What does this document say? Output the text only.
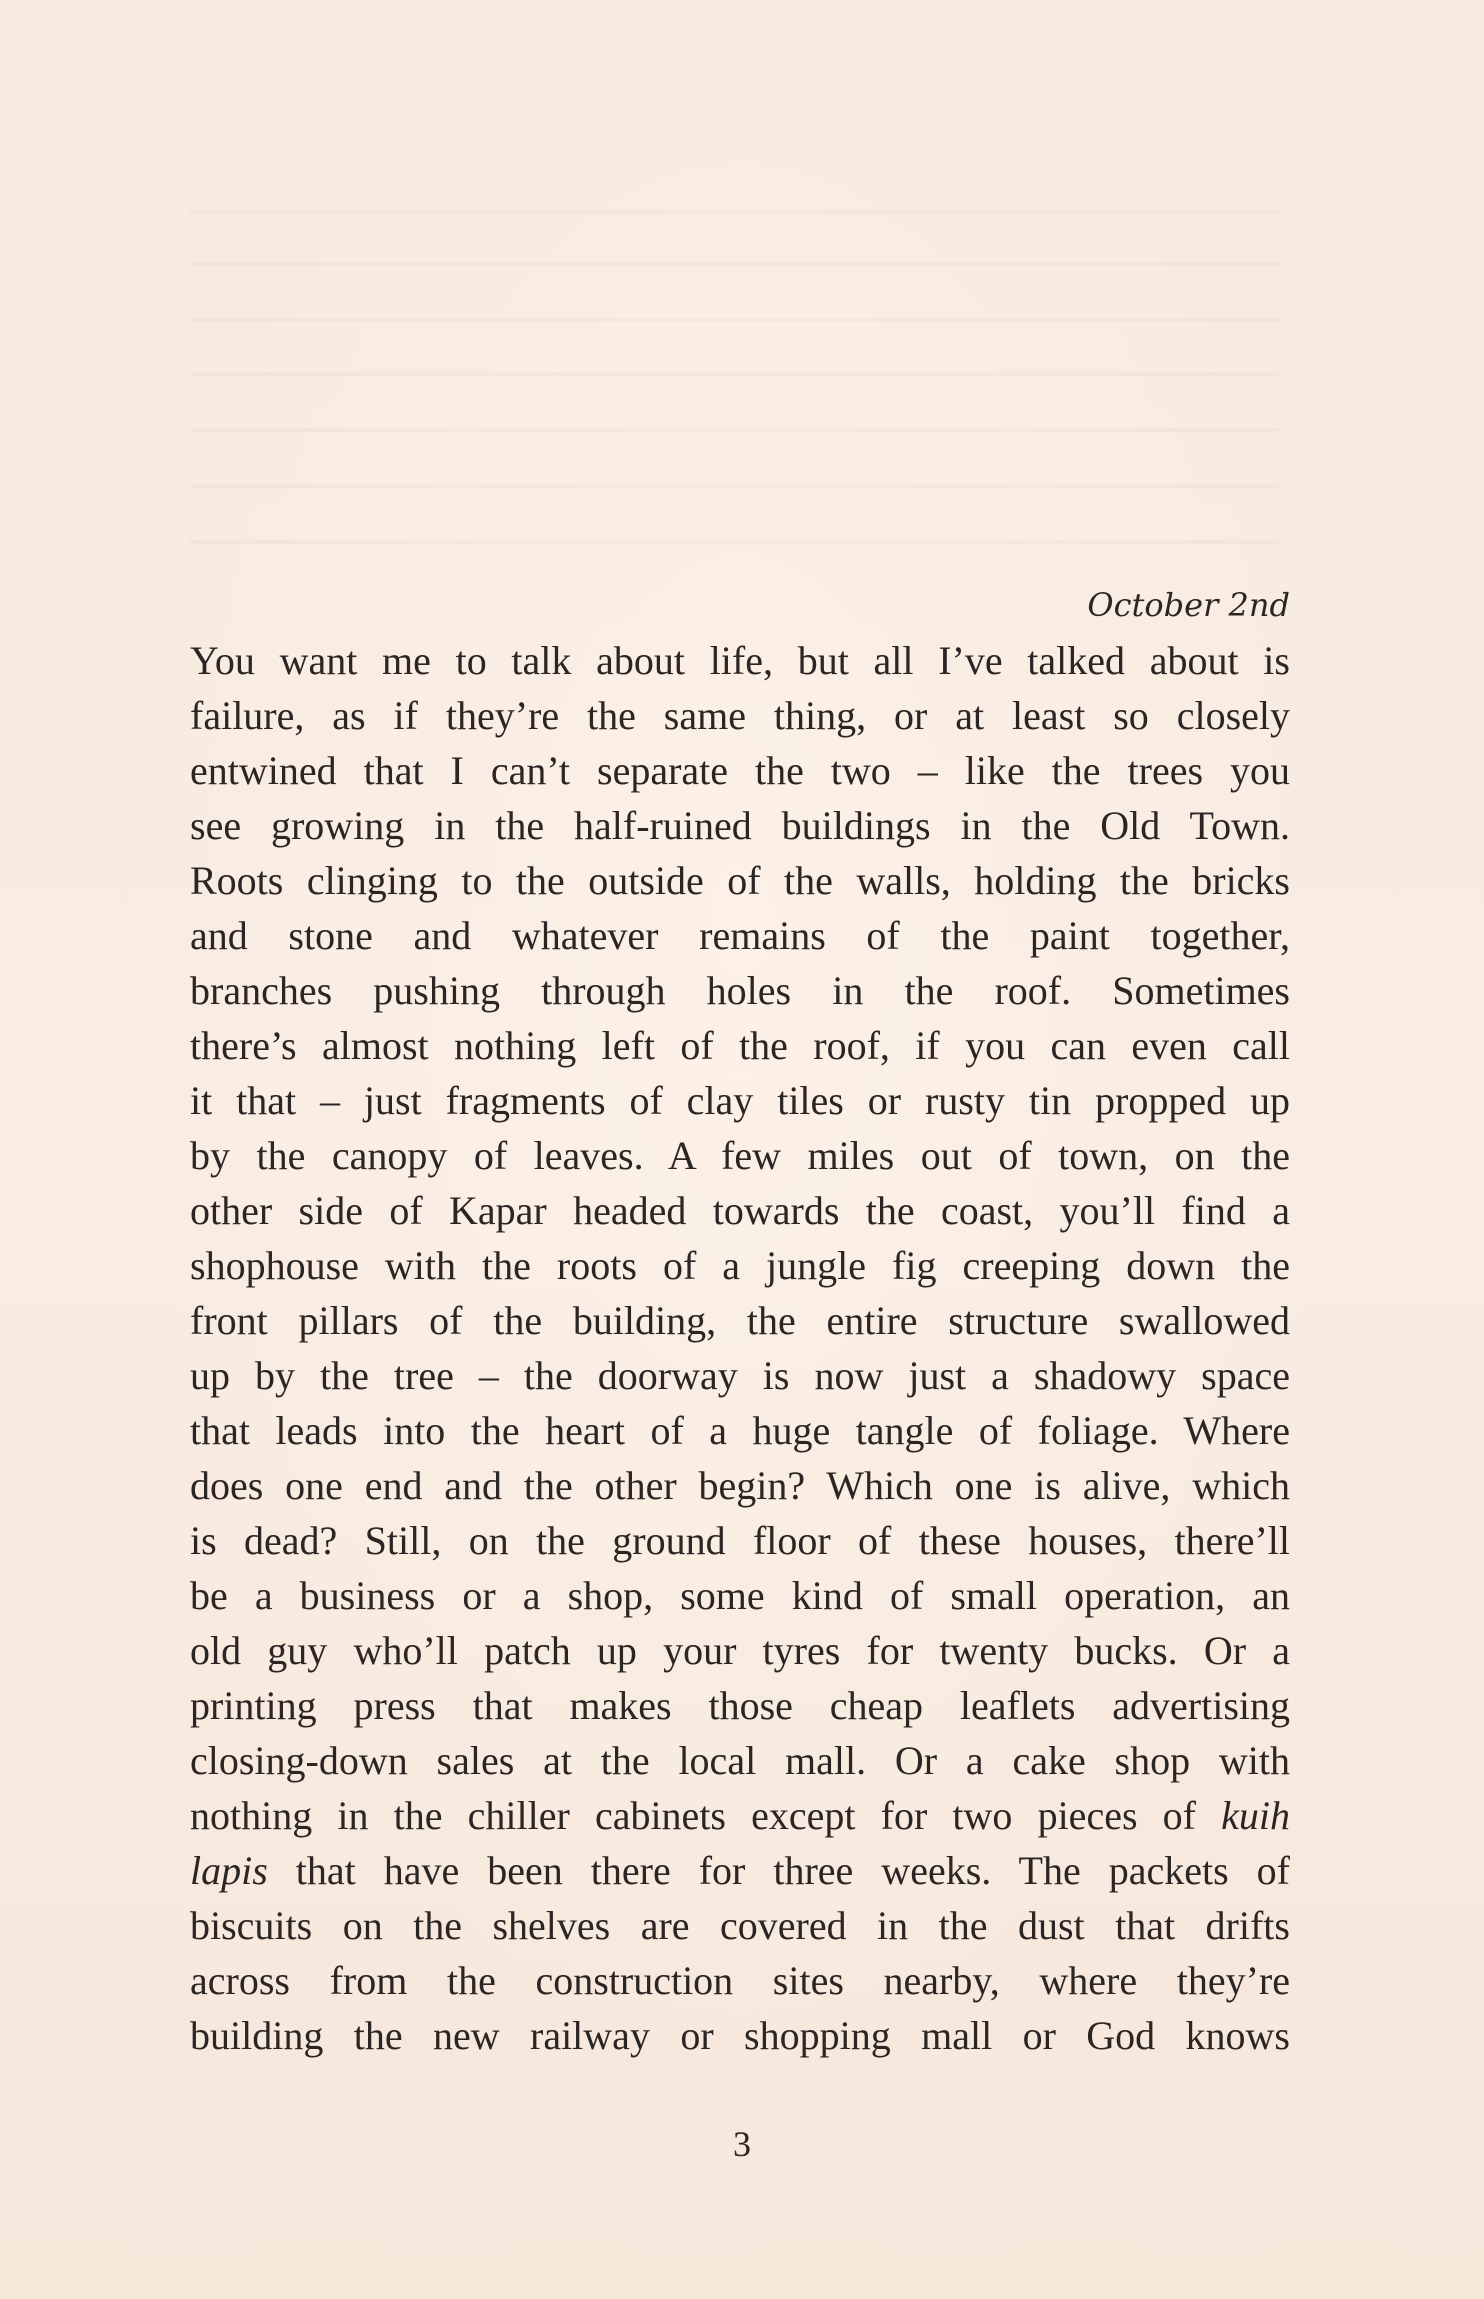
October 2nd
You want me to talk about life, but all I’ve talked about is
failure, as if they’re the same thing, or at least so closely
entwined that I can’t separate the two – like the trees you
see growing in the half-ruined buildings in the Old Town.
Roots clinging to the outside of the walls, holding the bricks
and stone and whatever remains of the paint together,
branches pushing through holes in the roof. Sometimes
there’s almost nothing left of the roof, if you can even call
it that – just fragments of clay tiles or rusty tin propped up
by the canopy of leaves. A few miles out of town, on the
other side of Kapar headed towards the coast, you’ll find a
shophouse with the roots of a jungle fig creeping down the
front pillars of the building, the entire structure swallowed
up by the tree – the doorway is now just a shadowy space
that leads into the heart of a huge tangle of foliage. Where
does one end and the other begin? Which one is alive, which
is dead? Still, on the ground floor of these houses, there’ll
be a business or a shop, some kind of small operation, an
old guy who’ll patch up your tyres for twenty bucks. Or a
printing press that makes those cheap leaflets advertising
closing-down sales at the local mall. Or a cake shop with
nothing in the chiller cabinets except for two pieces of kuih
lapis that have been there for three weeks. The packets of
biscuits on the shelves are covered in the dust that drifts
across from the construction sites nearby, where they’re
building the new railway or shopping mall or God knows
3
